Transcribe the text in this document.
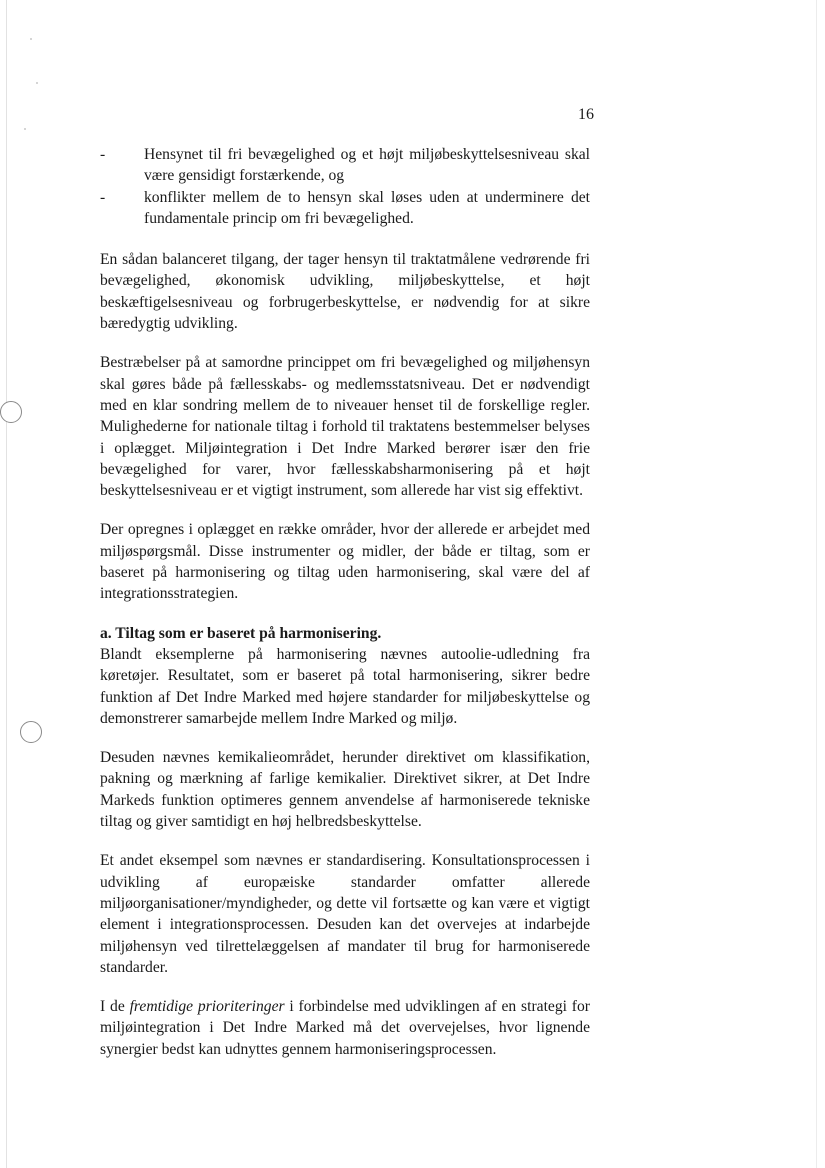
16
- Hensynet til fri bevægelighed og et højt miljøbeskyttelsesniveau skal være gensidigt forstærkende, og
- konflikter mellem de to hensyn skal løses uden at underminere det fundamentale princip om fri bevægelighed.

En sådan balanceret tilgang, der tager hensyn til traktatmålene vedrørende fri bevægelighed, økonomisk udvikling, miljøbeskyttelse, et højt beskæftigelsesniveau og forbrugerbeskyttelse, er nødvendig for at sikre bæredygtig udvikling.

Bestræbelser på at samordne princippet om fri bevægelighed og miljøhensyn skal gøres både på fællesskabs- og medlemsstatsniveau. Det er nødvendigt med en klar sondring mellem de to niveauer henset til de forskellige regler. Mulighederne for nationale tiltag i forhold til traktatens bestemmelser belyses i oplægget. Miljøintegration i Det Indre Marked berører især den frie bevægelighed for varer, hvor fællesskabsharmonisering på et højt beskyttelsesniveau er et vigtigt instrument, som allerede har vist sig effektivt.

Der opregnes i oplægget en række områder, hvor der allerede er arbejdet med miljøspørgsmål. Disse instrumenter og midler, der både er tiltag, som er baseret på harmonisering og tiltag uden harmonisering, skal være del af integrationsstrategien.

a. Tiltag som er baseret på harmonisering.

Blandt eksemplerne på harmonisering nævnes autoolie-udledning fra køretøjer. Resultatet, som er baseret på total harmonisering, sikrer bedre funktion af Det Indre Marked med højere standarder for miljøbeskyttelse og demonstrerer samarbejde mellem Indre Marked og miljø.

Desuden nævnes kemikalieområdet, herunder direktivet om klassifikation, pakning og mærkning af farlige kemikalier. Direktivet sikrer, at Det Indre Markeds funktion optimeres gennem anvendelse af harmoniserede tekniske tiltag og giver samtidigt en høj helbredsbeskyttelse.

Et andet eksempel som nævnes er standardisering. Konsultationsprocessen i udvikling af europæiske standarder omfatter allerede miljøorganisationer/myndigheder, og dette vil fortsætte og kan være et vigtigt element i integrationsprocessen. Desuden kan det overvejes at indarbejde miljøhensyn ved tilrettelæggelsen af mandater til brug for harmoniserede standarder.

I de fremtidige prioriteringer i forbindelse med udviklingen af en strategi for miljøintegration i Det Indre Marked må det overvejelses, hvor lignende synergier bedst kan udnyttes gennem harmoniseringsprocessen.
